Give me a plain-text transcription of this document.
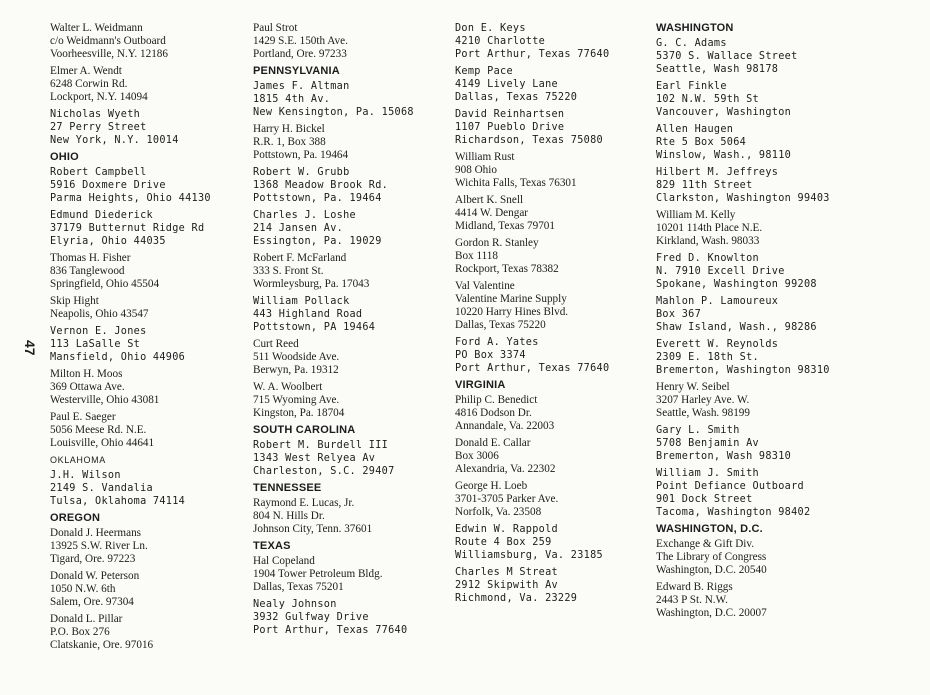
47
Walter L. Weidmann
c/o Weidmann's Outboard
Voorheesville, N.Y. 12186
Elmer A. Wendt
6248 Corwin Rd.
Lockport, N.Y. 14094
Nicholas Wyeth
27 Perry Street
New York, N.Y. 10014
OHIO
Robert Campbell
5916 Doxmere Drive
Parma Heights, Ohio 44130
Edmund Diederick
37179 Butternut Ridge Rd
Elyria, Ohio 44035
Thomas H. Fisher
836 Tanglewood
Springfield, Ohio 45504
Skip Hight
Neapolis, Ohio 43547
Vernon E. Jones
113 LaSalle St
Mansfield, Ohio 44906
Milton H. Moos
369 Ottawa Ave.
Westerville, Ohio 43081
Paul E. Saeger
5056 Meese Rd. N.E.
Louisville, Ohio 44641
OKLAHOMA
J.H. Wilson
2149 S. Vandalia
Tulsa, Oklahoma 74114
OREGON
Donald J. Heermans
13925 S.W. River Ln.
Tigard, Ore. 97223
Donald W. Peterson
1050 N.W. 6th
Salem, Ore. 97304
Donald L. Pillar
P.O. Box 276
Clatskanie, Ore. 97016
Paul Strot
1429 S.E. 150th Ave.
Portland, Ore. 97233
PENNSYLVANIA
James F. Altman
1815 4th Av.
New Kensington, Pa. 15068
Harry H. Bickel
R.R. 1, Box 388
Pottstown, Pa. 19464
Robert W. Grubb
1368 Meadow Brook Rd.
Pottstown, Pa. 19464
Charles J. Loshe
214 Jansen Av.
Essington, Pa. 19029
Robert F. McFarland
333 S. Front St.
Wormleysburg, Pa. 17043
William Pollack
443 Highland Road
Pottstown, PA 19464
Curt Reed
511 Woodside Ave.
Berwyn, Pa. 19312
W. A. Woolbert
715 Wyoming Ave.
Kingston, Pa. 18704
SOUTH CAROLINA
Robert M. Burdell III
1343 West Relyea Av
Charleston, S.C. 29407
TENNESSEE
Raymond E. Lucas, Jr.
804 N. Hills Dr.
Johnson City, Tenn. 37601
TEXAS
Hal Copeland
1904 Tower Petroleum Bldg.
Dallas, Texas 75201
Nealy Johnson
3932 Gulfway Drive
Port Arthur, Texas 77640
Don E. Keys
4210 Charlotte
Port Arthur, Texas 77640
Kemp Pace
4149 Lively Lane
Dallas, Texas 75220
David Reinhartsen
1107 Pueblo Drive
Richardson, Texas 75080
William Rust
908 Ohio
Wichita Falls, Texas 76301
Albert K. Snell
4414 W. Dengar
Midland, Texas 79701
Gordon R. Stanley
Box 1118
Rockport, Texas 78382
Val Valentine
Valentine Marine Supply
10220 Harry Hines Blvd.
Dallas, Texas 75220
Ford A. Yates
PO Box 3374
Port Arthur, Texas 77640
VIRGINIA
Philip C. Benedict
4816 Dodson Dr.
Annandale, Va. 22003
Donald E. Callar
Box 3006
Alexandria, Va. 22302
George H. Loeb
3701-3705 Parker Ave.
Norfolk, Va. 23508
Edwin W. Rappold
Route 4 Box 259
Williamsburg, Va. 23185
Charles M Streat
2912 Skipwith Av
Richmond, Va. 23229
WASHINGTON
G. C. Adams
5370 S. Wallace Street
Seattle, Wash 98178
Earl Finkle
102 N.W. 59th St
Vancouver, Washington
Allen Haugen
Rte 5 Box 5064
Winslow, Wash., 98110
Hilbert M. Jeffreys
829 11th Street
Clarkston, Washington 99403
William M. Kelly
10201 114th Place N.E.
Kirkland, Wash. 98033
Fred D. Knowlton
N. 7910 Excell Drive
Spokane, Washington 99208
Mahlon P. Lamoureux
Box 367
Shaw Island, Wash., 98286
Everett W. Reynolds
2309 E. 18th St.
Bremerton, Washington 98310
Henry W. Seibel
3207 Harley Ave. W.
Seattle, Wash. 98199
Gary L. Smith
5708 Benjamin Av
Bremerton, Wash 98310
William J. Smith
Point Defiance Outboard
901 Dock Street
Tacoma, Washington 98402
WASHINGTON, D.C.
Exchange & Gift Div.
The Library of Congress
Washington, D.C. 20540
Edward B. Riggs
2443 P St. N.W.
Washington, D.C. 20007
